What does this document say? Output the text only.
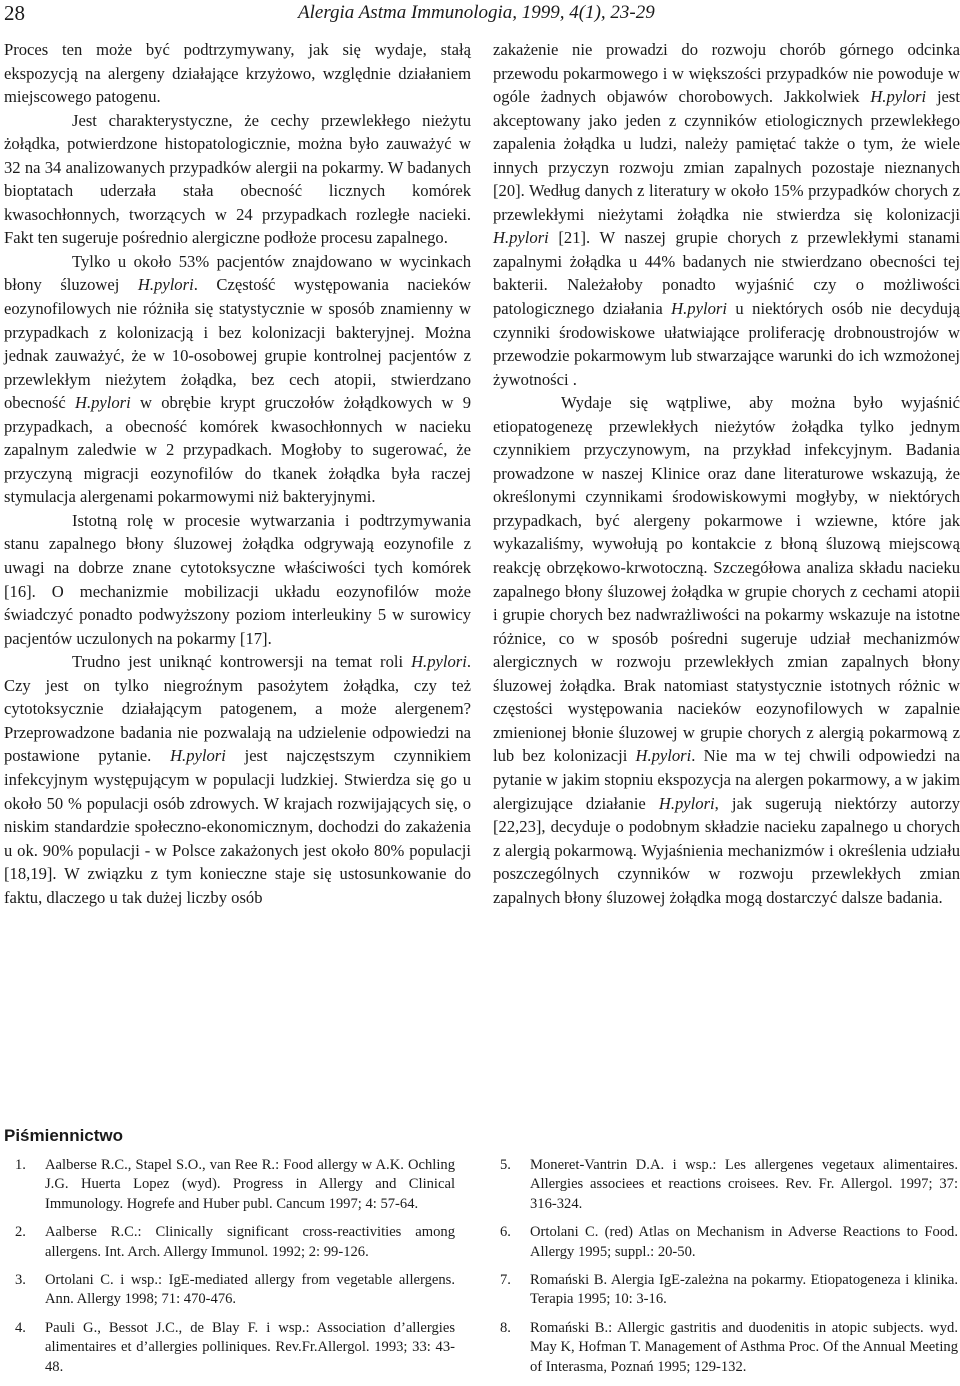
28	Alergia Astma Immunologia, 1999, 4(1), 23-29

Proces ten może być podtrzymywany, jak się wydaje, stałą ekspozycją na alergeny działające krzyżowo, względnie działaniem miejscowego patogenu.

Jest charakterystyczne, że cechy przewlekłego nieżytu żołądka, potwierdzone histopatologicznie, można było zauważyć w 32 na 34 analizowanych przypadków alergii na pokarmy. W badanych bioptatach uderzała stała obecność licznych komórek kwasochłonnych, tworzących w 24 przypadkach rozległe nacieki. Fakt ten sugeruje pośrednio alergiczne podłoże procesu zapalnego.

Tylko u około 53% pacjentów znajdowano w wycinkach błony śluzowej H.pylori. Częstość występowania nacieków eozynofilowych nie różniła się statystycznie w sposób znamienny w przypadkach z kolonizacją i bez kolonizacji bakteryjnej. Można jednak zauważyć, że w 10-osobowej grupie kontrolnej pacjentów z przewlekłym nieżytem żołądka, bez cech atopii, stwierdzano obecność H.pylori w obrębie krypt gruczołów żołądkowych w 9 przypadkach, a obecność komórek kwasochłonnych w nacieku zapalnym zaledwie w 2 przypadkach. Mogłoby to sugerować, że przyczyną migracji eozynofilów do tkanek żołądka była raczej stymulacja alergenami pokarmowymi niż bakteryjnymi.

Istotną rolę w procesie wytwarzania i podtrzymywania stanu zapalnego błony śluzowej żołądka odgrywają eozynofile z uwagi na dobrze znane cytotoksyczne właściwości tych komórek [16]. O mechanizmie mobilizacji układu eozynofilów może świadczyć ponadto podwyższony poziom interleukiny 5 w surowicy pacjentów uczulonych na pokarmy [17].

Trudno jest uniknąć kontrowersji na temat roli H.pylori. Czy jest on tylko niegroźnym pasożytem żołądka, czy też cytotoksycznie działającym patogenem, a może alergenem? Przeprowadzone badania nie pozwalają na udzielenie odpowiedzi na postawione pytanie. H.pylori jest najczęstszym czynnikiem infekcyjnym występującym w populacji ludzkiej. Stwierdza się go u około 50 % populacji osób zdrowych. W krajach rozwijających się, o niskim standardzie społeczno-ekonomicznym, dochodzi do zakażenia u ok. 90% populacji - w Polsce zakażonych jest około 80% populacji [18,19]. W związku z tym konieczne staje się ustosunkowanie do faktu, dlaczego u tak dużej liczby osób

zakażenie nie prowadzi do rozwoju chorób górnego odcinka przewodu pokarmowego i w większości przypadków nie powoduje w ogóle żadnych objawów chorobowych. Jakkolwiek H.pylori jest akceptowany jako jeden z czynników etiologicznych przewlekłego zapalenia żołądka u ludzi, należy pamiętać także o tym, że wiele innych przyczyn rozwoju zmian zapalnych pozostaje nieznanych [20]. Według danych z literatury w około 15% przypadków chorych z przewlekłymi nieżytami żołądka nie stwierdza się kolonizacji H.pylori [21]. W naszej grupie chorych z przewlekłymi stanami zapalnymi żołądka u 44% badanych nie stwierdzano obecności tej bakterii. Należałoby ponadto wyjaśnić czy o możliwości patologicznego działania H.pylori u niektórych osób nie decydują czynniki środowiskowe ułatwiające proliferację drobnoustrojów w przewodzie pokarmowym lub stwarzające warunki do ich wzmożonej żywotności .

Wydaje się wątpliwe, aby można było wyjaśnić etiopatogenezę przewlekłych nieżytów żołądka tylko jednym czynnikiem przyczynowym, na przykład infekcyjnym. Badania prowadzone w naszej Klinice oraz dane literaturowe wskazują, że określonymi czynnikami środowiskowymi mogłyby, w niektórych przypadkach, być alergeny pokarmowe i wziewne, które jak wykazaliśmy, wywołują po kontakcie z błoną śluzową miejscową reakcję obrzękowo-krwotoczną. Szczegółowa analiza składu nacieku zapalnego błony śluzowej żołądka w grupie chorych z cechami atopii i grupie chorych bez nadwrażliwości na pokarmy wskazuje na istotne różnice, co w sposób pośredni sugeruje udział mechanizmów alergicznych w rozwoju przewlekłych zmian zapalnych błony śluzowej żołądka. Brak natomiast statystycznie istotnych różnic w częstości występowania nacieków eozynofilowych w zapalnie zmienionej błonie śluzowej w grupie chorych z alergią pokarmową z lub bez kolonizacji H.pylori. Nie ma w tej chwili odpowiedzi na pytanie w jakim stopniu ekspozycja na alergen pokarmowy, a w jakim alergizujące działanie H.pylori, jak sugerują niektórzy autorzy [22,23], decyduje o podobnym składzie nacieku zapalnego u chorych z alergią pokarmową. Wyjaśnienia mechanizmów i określenia udziału poszczególnych czynników w rozwoju przewlekłych zmian zapalnych błony śluzowej żołądka mogą dostarczyć dalsze badania.

Piśmiennictwo
1.	Aalberse R.C., Stapel S.O., van Ree R.: Food allergy w A.K. Ochling J.G. Huerta Lopez (wyd). Progress in Allergy and Clinical Immunology. Hogrefe and Huber publ. Cancum 1997; 4: 57-64.
2.	Aalberse R.C.: Clinically significant cross-reactivities among allergens. Int. Arch. Allergy Immunol. 1992; 2: 99-126.
3.	Ortolani C. i wsp.: IgE-mediated allergy from vegetable allergens. Ann. Allergy 1998; 71: 470-476.
4.	Pauli G., Bessot J.C., de Blay F. i wsp.: Association d’allergies alimentaires et d’allergies polliniques. Rev.Fr.Allergol. 1993; 33: 43-48.
5.	Moneret-Vantrin D.A. i wsp.: Les allergenes vegetaux alimentaires. Allergies associees et reactions croisees. Rev. Fr. Allergol. 1997; 37: 316-324.
6.	Ortolani C. (red) Atlas on Mechanism in Adverse Reactions to Food. Allergy 1995; suppl.: 20-50.
7.	Romański B. Alergia IgE-zależna na pokarmy. Etiopatogeneza i klinika. Terapia 1995; 10: 3-16.
8.	Romański B.: Allergic gastritis and duodenitis in atopic subjects. wyd. May K, Hofman T. Management of Asthma Proc. Of the Annual Meeting of Interasma, Poznań 1995; 129-132.
